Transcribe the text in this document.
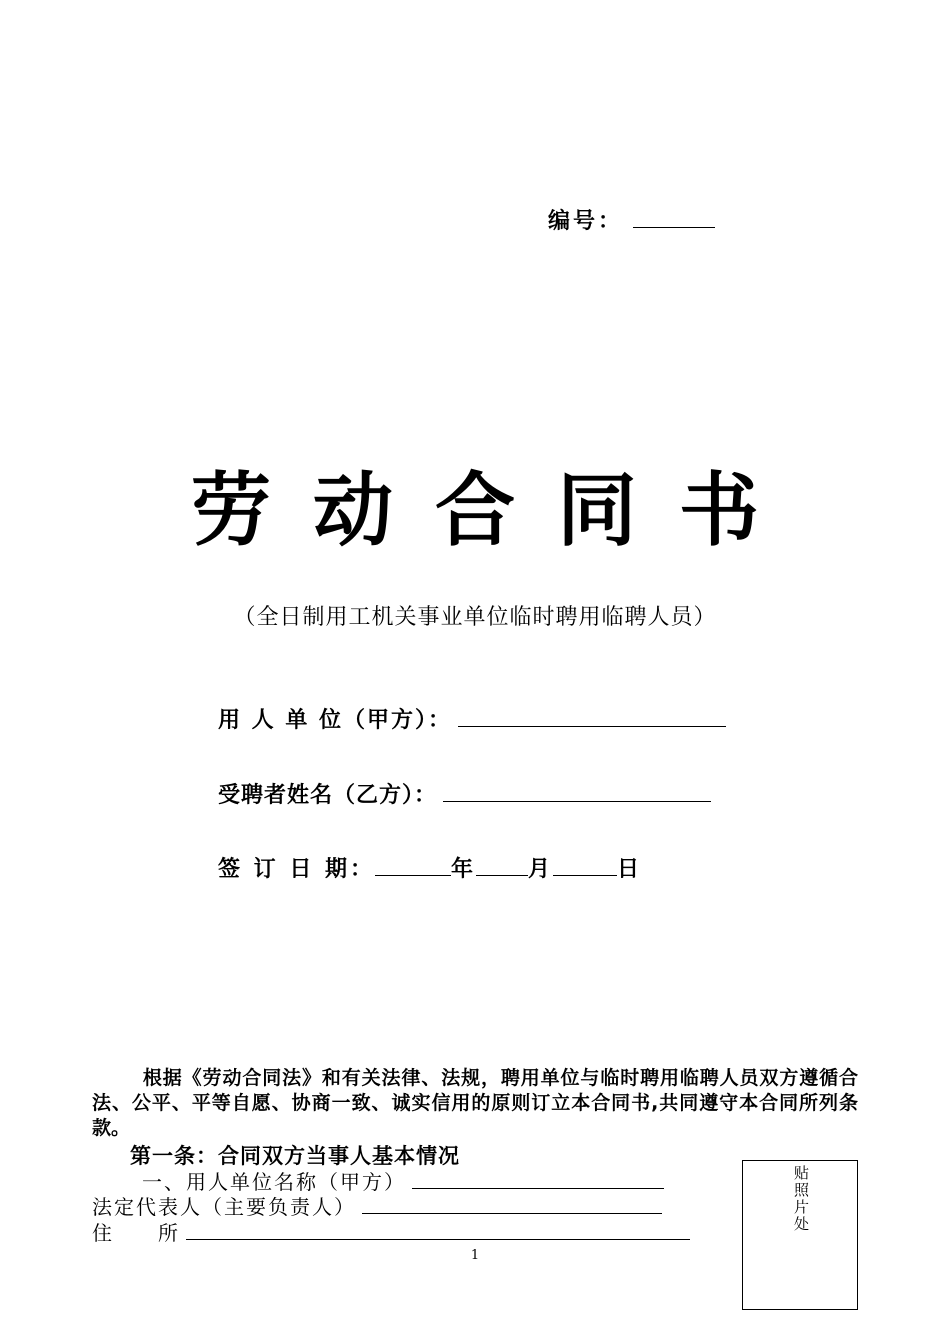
编号：
劳动合同书
（全日制用工机关事业单位临时聘用临聘人员）
用 人 单 位（甲方）：
受聘者姓名（乙方）：
签 订 日 期：	年 月	日
根据《劳动合同法》和有关法律、法规，聘用单位与临时聘用临聘人员双方遵循合法、公平、平等自愿、协商一致、诚实信用的原则订立本合同书,共同遵守本合同所列条款。
第一条：合同双方当事人基本情况
一、用人单位名称（甲方）
法定代表人（主要负责人）
住　　所	贴照片处
1
